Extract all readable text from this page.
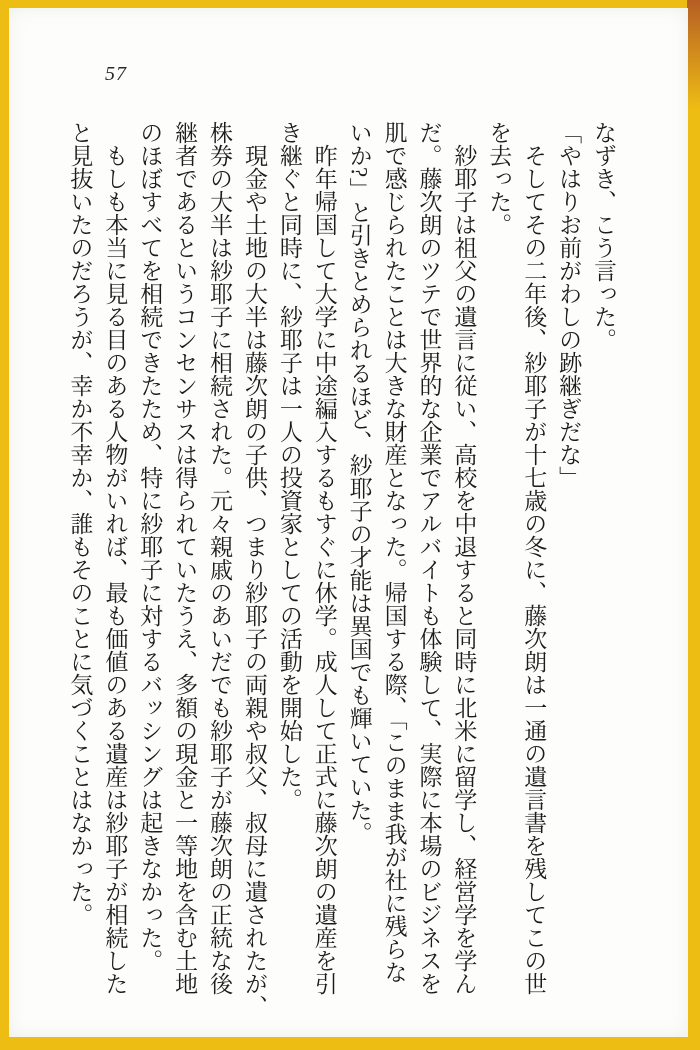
57
なずき、こう言った。
「やはりお前がわしの跡継ぎだな」
そしてその二年後、紗耶子が十七歳の冬に、藤次朗は一通の遺言書を残してこの世
を去った。
紗耶子は祖父の遺言に従い、高校を中退すると同時に北米に留学し、経営学を学ん
だ。藤次朗のツテで世界的な企業でアルバイトも体験して、実際に本場のビジネスを
肌で感じられたことは大きな財産となった。帰国する際、「このまま我が社に残らな
いか?」と引きとめられるほど、紗耶子の才能は異国でも輝いていた。
昨年帰国して大学に中途編入するもすぐに休学。成人して正式に藤次朗の遺産を引
き継ぐと同時に、紗耶子は一人の投資家としての活動を開始した。
現金や土地の大半は藤次朗の子供、つまり紗耶子の両親や叔父、叔母に遺されたが、
株券の大半は紗耶子に相続された。元々親戚のあいだでも紗耶子が藤次朗の正統な後
継者であるというコンセンサスは得られていたうえ、多額の現金と一等地を含む土地
のほぼすべてを相続できたため、特に紗耶子に対するバッシングは起きなかった。
もしも本当に見る目のある人物がいれば、最も価値のある遺産は紗耶子が相続した
と見抜いたのだろうが、幸か不幸か、誰もそのことに気づくことはなかった。
